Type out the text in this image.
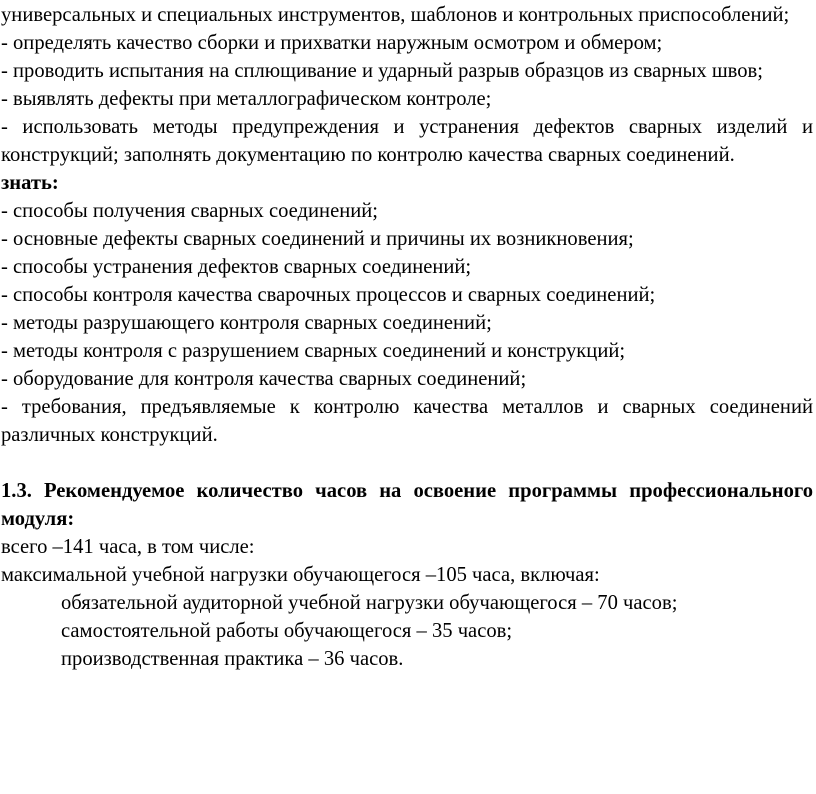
универсальных и специальных инструментов, шаблонов и контрольных приспособлений;

- определять качество сборки и прихватки наружным осмотром и обмером;

- проводить испытания на сплющивание и ударный разрыв образцов из сварных швов;

- выявлять дефекты при металлографическом контроле;

- использовать методы предупреждения и устранения дефектов сварных изделий и конструкций; заполнять документацию по контролю качества сварных соединений.

знать:

- способы получения сварных соединений;

- основные дефекты сварных соединений и причины их возникновения;

- способы устранения дефектов сварных соединений;

- способы контроля качества сварочных процессов и сварных соединений;

- методы разрушающего контроля сварных соединений;

- методы контроля с разрушением сварных соединений и конструкций;

- оборудование для контроля качества сварных соединений;

- требования, предъявляемые к контролю качества металлов и сварных соединений различных конструкций.

1.3. Рекомендуемое количество часов на освоение программы профессионального модуля:

всего –141 часа, в том числе:

максимальной учебной нагрузки обучающегося –105 часа, включая:

обязательной аудиторной учебной нагрузки обучающегося – 70 часов;

самостоятельной работы обучающегося – 35 часов;

производственная практика – 36 часов.
